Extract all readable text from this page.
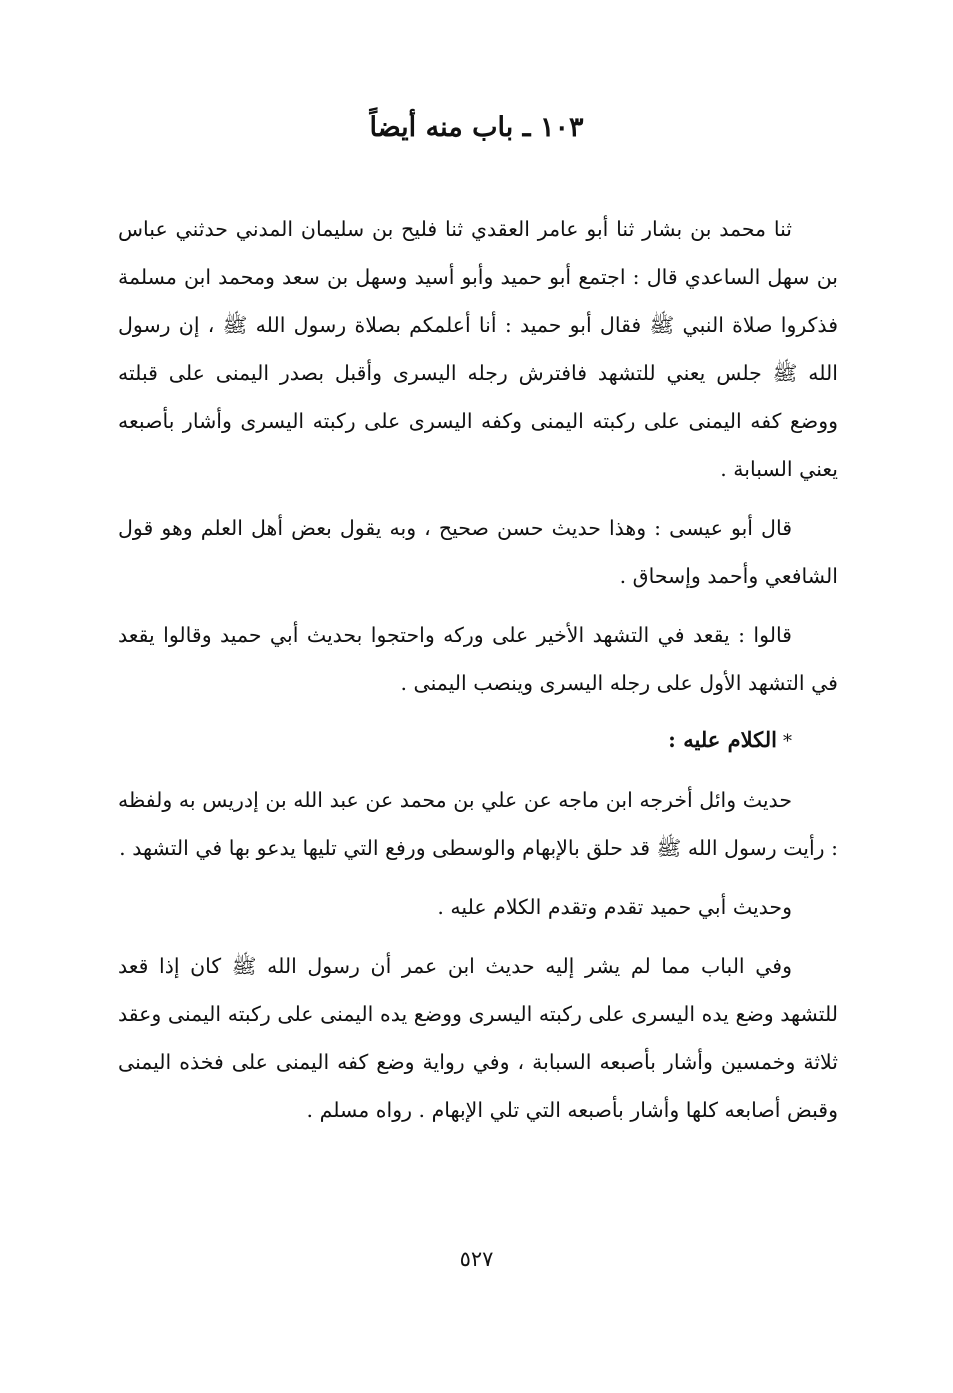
١٠٣ ـ باب منه أيضاً

ثنا محمد بن بشار ثنا أبو عامر العقدي ثنا فليح بن سليمان المدني حدثني عباس بن سهل الساعدي قال : اجتمع أبو حميد وأبو أسيد وسهل بن سعد ومحمد ابن مسلمة فذكروا صلاة النبي ﷺ فقال أبو حميد : أنا أعلمكم بصلاة رسول الله ﷺ ، إن رسول الله ﷺ جلس يعني للتشهد فافترش رجله اليسرى وأقبل بصدر اليمنى على قبلته ووضع كفه اليمنى على ركبته اليمنى وكفه اليسرى على ركبته اليسرى وأشار بأصبعه يعني السبابة .

قال أبو عيسى : وهذا حديث حسن صحيح ، وبه يقول بعض أهل العلم وهو قول الشافعي وأحمد وإسحاق .

قالوا : يقعد في التشهد الأخير على وركه واحتجوا بحديث أبي حميد وقالوا يقعد في التشهد الأول على رجله اليسرى وينصب اليمنى .

*الكلام عليه :

حديث وائل أخرجه ابن ماجه عن علي بن محمد عن عبد الله بن إدريس به ولفظه : رأيت رسول الله ﷺ قد حلق بالإبهام والوسطى ورفع التي تليها يدعو بها في التشهد .

وحديث أبي حميد تقدم وتقدم الكلام عليه .

وفي الباب مما لم يشر إليه حديث ابن عمر أن رسول الله ﷺ كان إذا قعد للتشهد وضع يده اليسرى على ركبته اليسرى ووضع يده اليمنى على ركبته اليمنى وعقد ثلاثة وخمسين وأشار بأصبعه السبابة ، وفي رواية وضع كفه اليمنى على فخذه اليمنى وقبض أصابعه كلها وأشار بأصبعه التي تلي الإبهام . رواه مسلم .

٥٢٧
